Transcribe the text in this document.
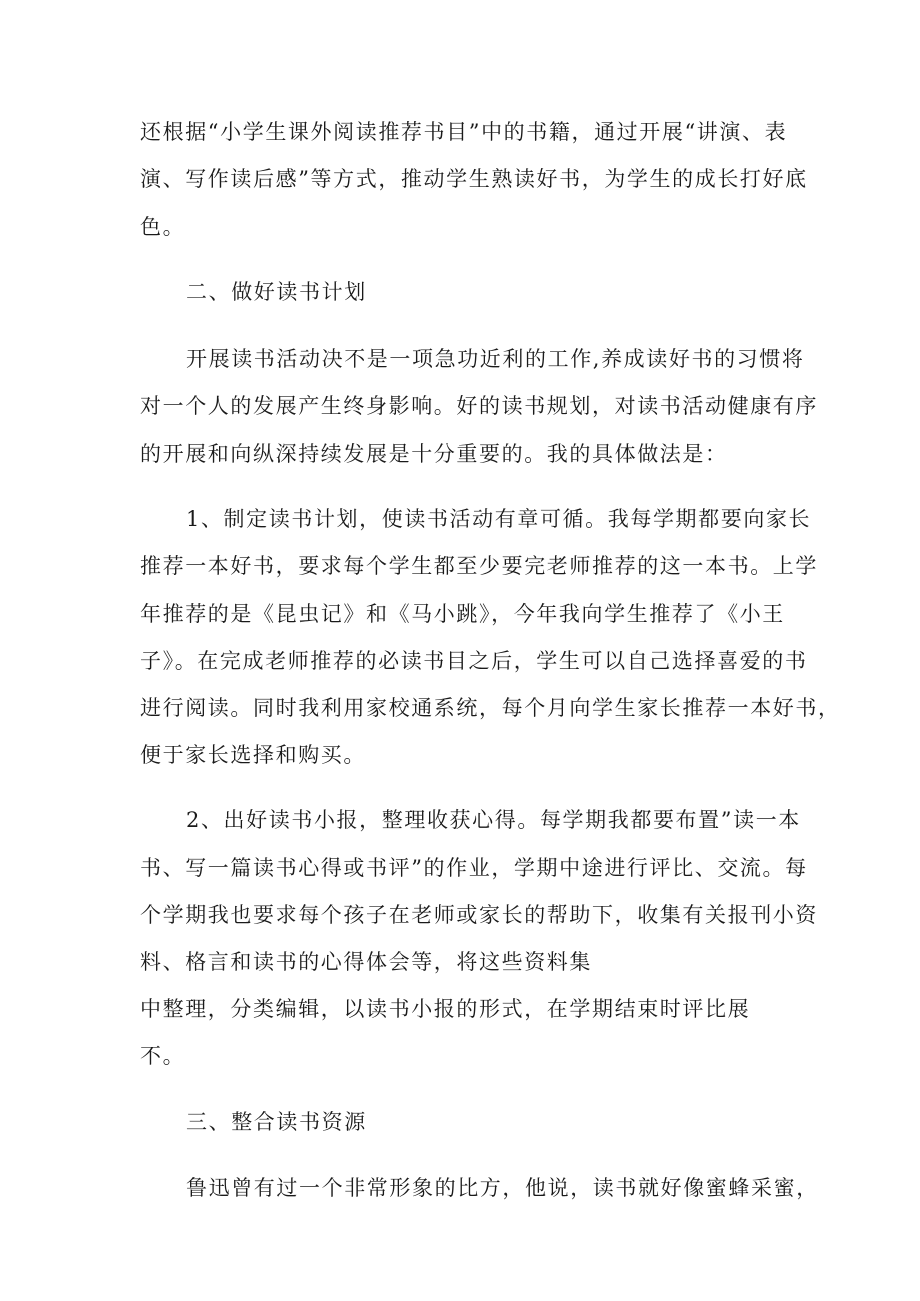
还根据“小学生课外阅读推荐书目”中的书籍，通过开展“讲演、表
演、写作读后感”等方式，推动学生熟读好书，为学生的成长打好底
色。
二、做好读书计划
开展读书活动决不是一项急功近利的工作,养成读好书的习惯将
对一个人的发展产生终身影响。好的读书规划，对读书活动健康有序
的开展和向纵深持续发展是十分重要的。我的具体做法是：
1、制定读书计划，使读书活动有章可循。我每学期都要向家长
推荐一本好书，要求每个学生都至少要完老师推荐的这一本书。上学
年推荐的是《昆虫记》和《马小跳》，今年我向学生推荐了《小王
子》。在完成老师推荐的必读书目之后，学生可以自己选择喜爱的书
进行阅读。同时我利用家校通系统，每个月向学生家长推荐一本好书，
便于家长选择和购买。
2、出好读书小报，整理收获心得。每学期我都要布置”读一本
书、写一篇读书心得或书评”的作业，学期中途进行评比、交流。每
个学期我也要求每个孩子在老师或家长的帮助下，收集有关报刊小资
料、格言和读书的心得体会等，将这些资料集
中整理，分类编辑，以读书小报的形式，在学期结束时评比展
不。
三、整合读书资源
鲁迅曾有过一个非常形象的比方，他说，读书就好像蜜蜂采蜜，
